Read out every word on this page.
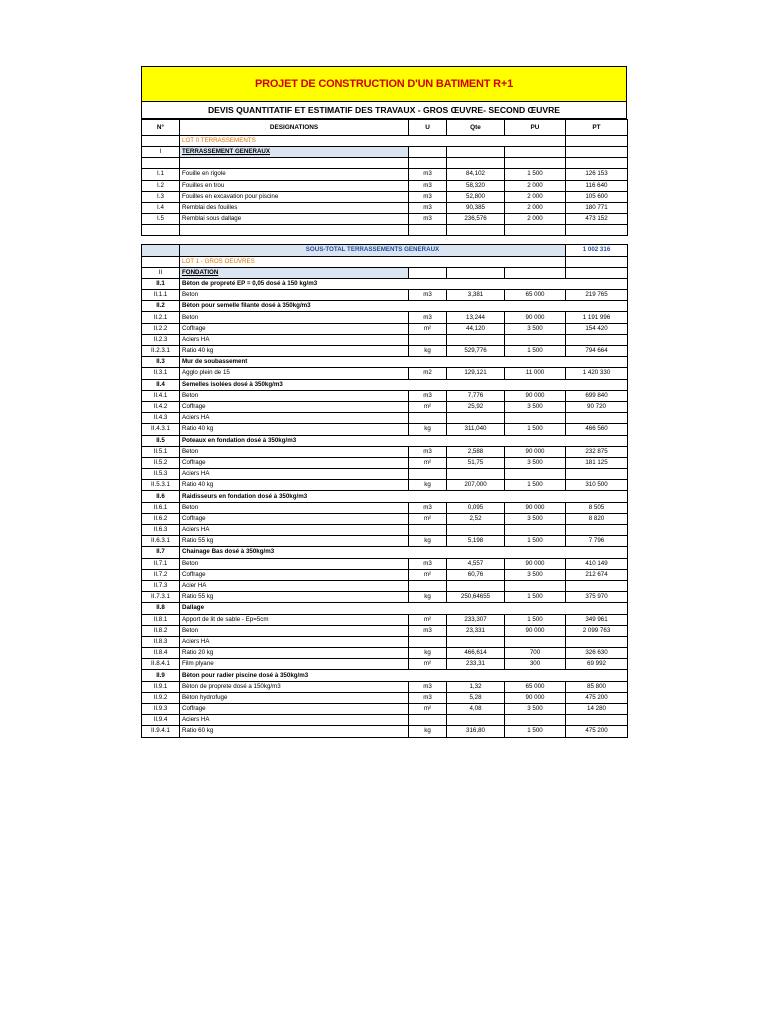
PROJET DE CONSTRUCTION D'UN BATIMENT R+1
DEVIS QUANTITATIF ET ESTIMATIF DES TRAVAUX - GROS ŒUVRE- SECOND ŒUVRE
N°	DESIGNATIONS	U	Qte	PU	PT
	LOT 0 TERRASSEMENTS				
I	TERRASSEMENT GENERAUX				

I.1	Fouille en rigole	m3	84,102	1 500	126 153
I.2	Fouilles en trou	m3	58,320	2 000	116 640
I.3	Fouilles en excavation pour piscine	m3	52,800	2 000	105 600
I.4	Remblai des fouilles	m3	90,385	2 000	180 771
I.5	Remblai sous dallage	m3	236,576	2 000	473 152

	SOUS-TOTAL TERRASSEMENTS GENERAUX				1 002 316
	LOT 1 - GROS OEUVRES				
II	FONDATION				
II.1	Bèton de propreté EP = 0,05 dosé à 150 kg/m3				
II.1.1	Beton	m3	3,381	65 000	219 765
II.2	Bèton pour semelle filante dosé à 350kg/m3				
II.2.1	Beton	m3	13,244	90 000	1 191 996
II.2.2	Coffrage	m²	44,120	3 500	154 420
II.2.3	Aciers HA				
II.2.3.1	Ratio 40 kg	kg	529,776	1 500	794 664
II.3	Mur de soubassement				
II.3.1	Agglo plein de 15	m2	129,121	11 000	1 420 330
II.4	Semelles isolées dosé à 350kg/m3				
II.4.1	Beton	m3	7,776	90 000	699 840
II.4.2	Coffrage	m²	25,92	3 500	90 720
II.4.3	Aciers HA				
II.4.3.1	Ratio 40 kg	kg	311,040	1 500	466 560
II.5	Poteaux en fondation dosé à 350kg/m3				
II.5.1	Beton	m3	2,588	90 000	232 875
II.5.2	Coffrage	m²	51,75	3 500	181 125
II.5.3	Aciers HA				
II.5.3.1	Ratio 40 kg	kg	207,000	1 500	310 500
II.6	Raidisseurs en fondation dosé à 350kg/m3				
II.6.1	Beton	m3	0,095	90 000	8 505
II.6.2	Coffrage	m²	2,52	3 500	8 820
II.6.3	Aciers HA				
II.6.3.1	Ratio 55 kg	kg	5,198	1 500	7 796
II.7	Chainage Bas dosé à 350kg/m3				
II.7.1	Beton	m3	4,557	90 000	410 149
II.7.2	Coffrage	m²	60,76	3 500	212 674
II.7.3	Acier HA				
II.7.3.1	Ratio 55 kg	kg	250,64655	1 500	375 970
II.8	Dallage				
II.8.1	Apport de lit de sable - Ep=5cm	m²	233,307	1 500	349 961
II.8.2	Beton	m3	23,331	90 000	2 099 763
II.8.3	Aciers HA				
II.8.4	Ratio 20 kg	kg	466,614	700	326 630
II.8.4.1	Film plyane	m²	233,31	300	69 992
II.9	Bèton pour radier piscine dosé à 350kg/m3				
II.9.1	Bèton de proprete dosé a 150kg/m3	m3	1,32	65 000	85 800
II.9.2	Bèton hydrofuge	m3	5,28	90 000	475 200
II.9.3	Coffrage	m²	4,08	3 500	14 280
II.9.4	Aciers HA				
II.9.4.1	Ratio 60 kg	kg	316,80	1 500	475 200
